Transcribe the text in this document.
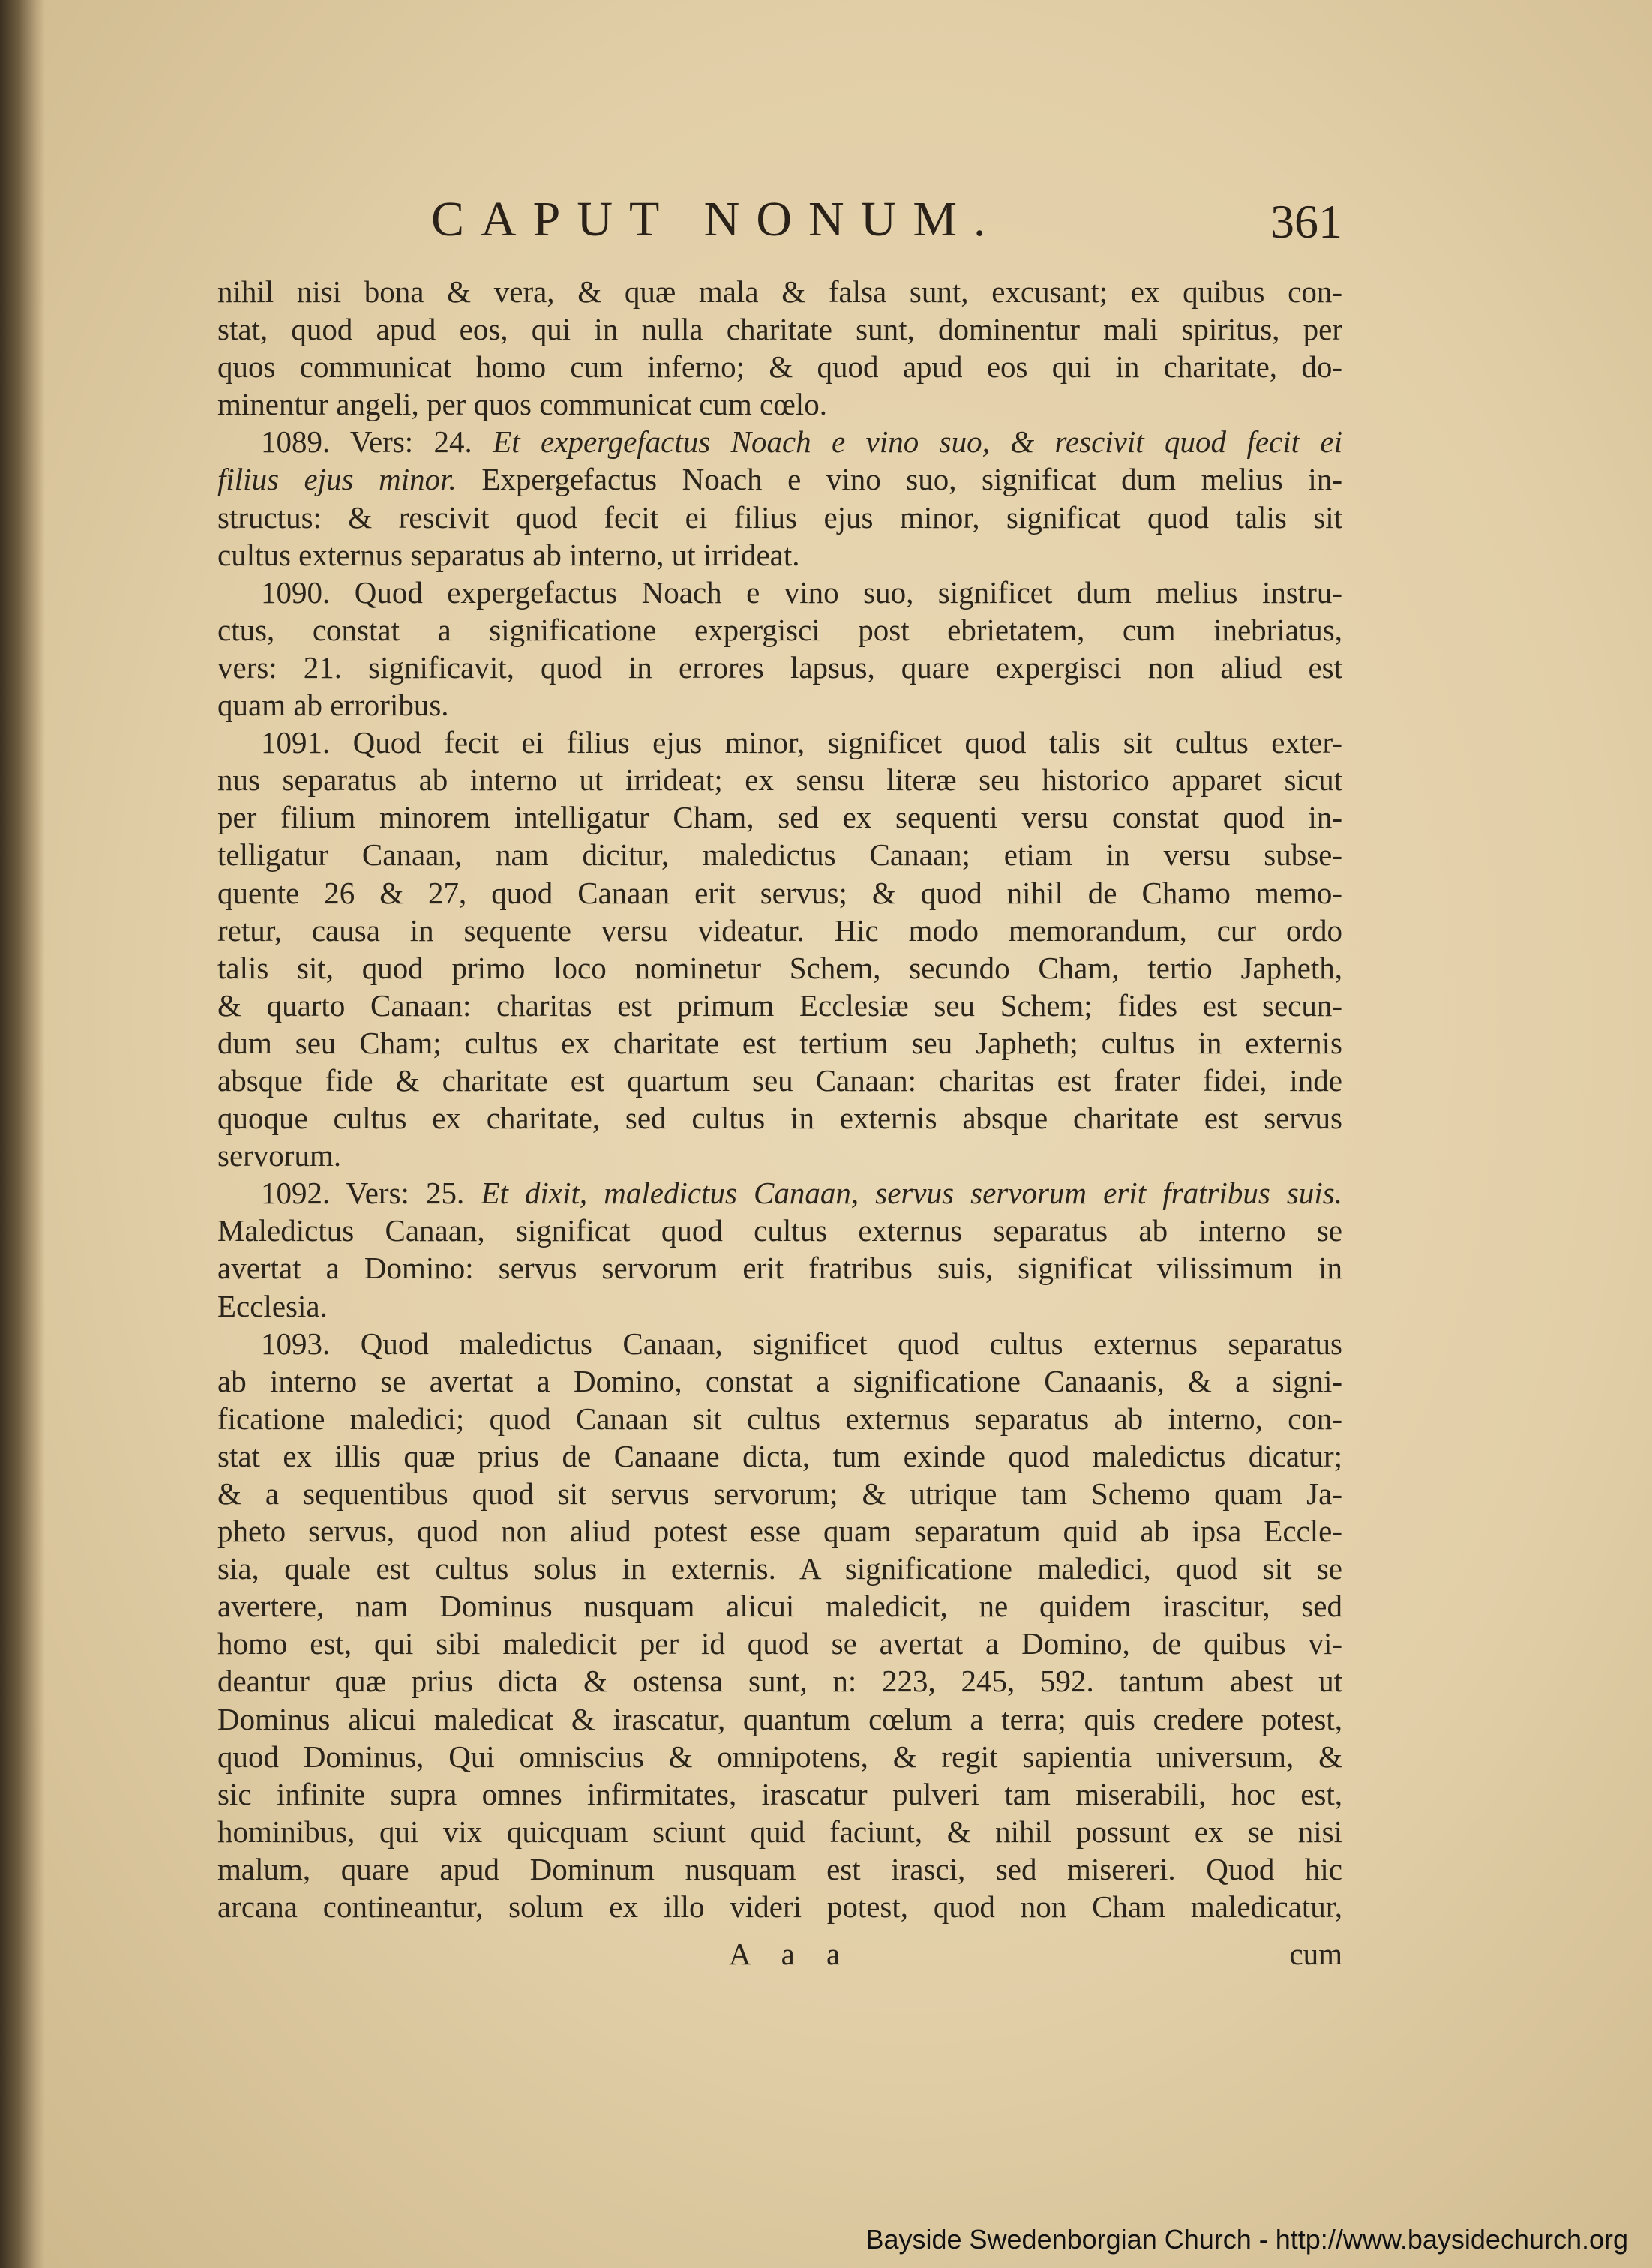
CAPUT NONUM.	361
nihil nisi bona & vera, & quæ mala & falsa sunt, excusant; ex quibus con-
stat, quod apud eos, qui in nulla charitate sunt, dominentur mali spiritus, per
quos communicat homo cum inferno; & quod apud eos qui in charitate, do-
minentur angeli, per quos communicat cum cœlo.
1089. Vers: 24. Et expergefactus Noach e vino suo, & rescivit quod fecit ei
filius ejus minor. Expergefactus Noach e vino suo, significat dum melius in-
structus: & rescivit quod fecit ei filius ejus minor, significat quod talis sit
cultus externus separatus ab interno, ut irrideat.
1090. Quod expergefactus Noach e vino suo, significet dum melius instru-
ctus, constat a significatione expergisci post ebrietatem, cum inebriatus,
vers: 21. significavit, quod in errores lapsus, quare expergisci non aliud est
quam ab erroribus.
1091. Quod fecit ei filius ejus minor, significet quod talis sit cultus exter-
nus separatus ab interno ut irrideat; ex sensu literæ seu historico apparet sicut
per filium minorem intelligatur Cham, sed ex sequenti versu constat quod in-
telligatur Canaan, nam dicitur, maledictus Canaan; etiam in versu subse-
quente 26 & 27, quod Canaan erit servus; & quod nihil de Chamo memo-
retur, causa in sequente versu videatur. Hic modo memorandum, cur ordo
talis sit, quod primo loco nominetur Schem, secundo Cham, tertio Japheth,
& quarto Canaan: charitas est primum Ecclesiæ seu Schem; fides est secun-
dum seu Cham; cultus ex charitate est tertium seu Japheth; cultus in externis
absque fide & charitate est quartum seu Canaan: charitas est frater fidei, inde
quoque cultus ex charitate, sed cultus in externis absque charitate est servus
servorum.
1092. Vers: 25. Et dixit, maledictus Canaan, servus servorum erit fratribus suis.
Maledictus Canaan, significat quod cultus externus separatus ab interno se
avertat a Domino: servus servorum erit fratribus suis, significat vilissimum in
Ecclesia.
1093. Quod maledictus Canaan, significet quod cultus externus separatus
ab interno se avertat a Domino, constat a significatione Canaanis, & a signi-
ficatione maledici; quod Canaan sit cultus externus separatus ab interno, con-
stat ex illis quæ prius de Canaane dicta, tum exinde quod maledictus dicatur;
& a sequentibus quod sit servus servorum; & utrique tam Schemo quam Ja-
pheto servus, quod non aliud potest esse quam separatum quid ab ipsa Eccle-
sia, quale est cultus solus in externis. A significatione maledici, quod sit se
avertere, nam Dominus nusquam alicui maledicit, ne quidem irascitur, sed
homo est, qui sibi maledicit per id quod se avertat a Domino, de quibus vi-
deantur quæ prius dicta & ostensa sunt, n: 223, 245, 592. tantum abest ut
Dominus alicui maledicat & irascatur, quantum cœlum a terra; quis credere potest,
quod Dominus, Qui omniscius & omnipotens, & regit sapientia universum, &
sic infinite supra omnes infirmitates, irascatur pulveri tam miserabili, hoc est,
hominibus, qui vix quicquam sciunt quid faciunt, & nihil possunt ex se nisi
malum, quare apud Dominum nusquam est irasci, sed misereri. Quod hic
arcana contineantur, solum ex illo videri potest, quod non Cham maledicatur,
A a a	cum
Bayside Swedenborgian Church - http://www.baysidechurch.org
